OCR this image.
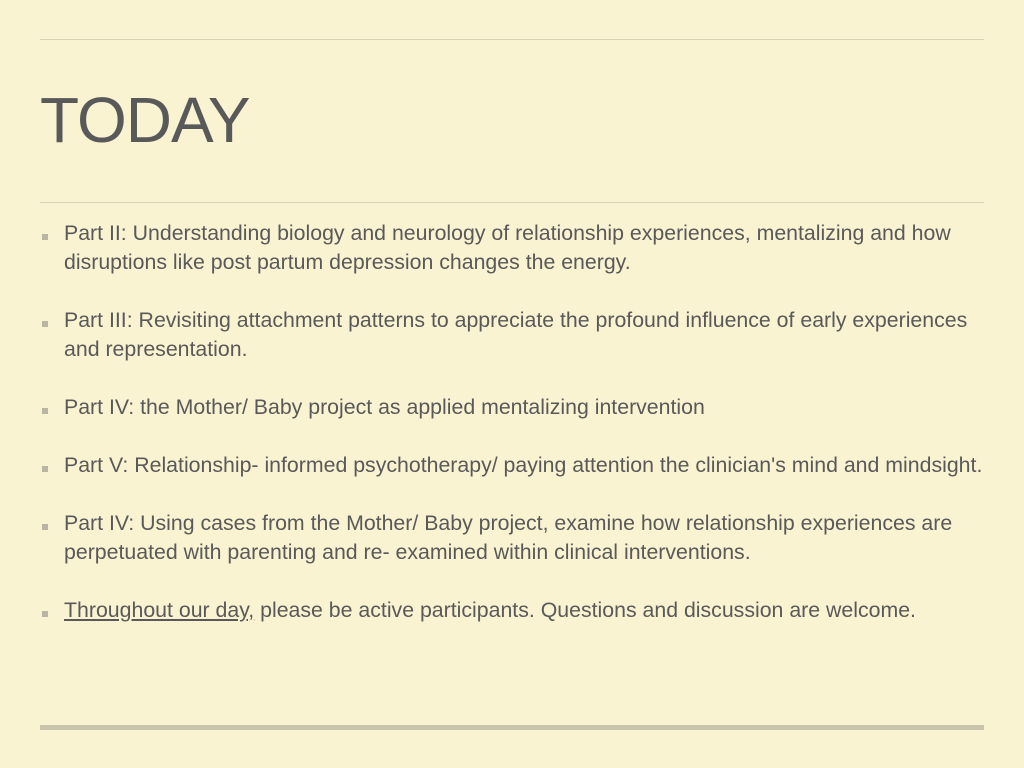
TODAY
Part II: Understanding biology and neurology of relationship experiences, mentalizing and how disruptions like post partum depression changes the energy.
Part III: Revisiting attachment patterns to appreciate the profound influence of early experiences and representation.
Part IV: the Mother/ Baby project as applied mentalizing intervention
Part V: Relationship- informed psychotherapy/ paying attention the clinician's mind and mindsight.
Part IV: Using cases from the Mother/ Baby project, examine how relationship experiences are perpetuated with parenting and re- examined within clinical interventions.
Throughout our day, please be active participants. Questions and discussion are welcome.
